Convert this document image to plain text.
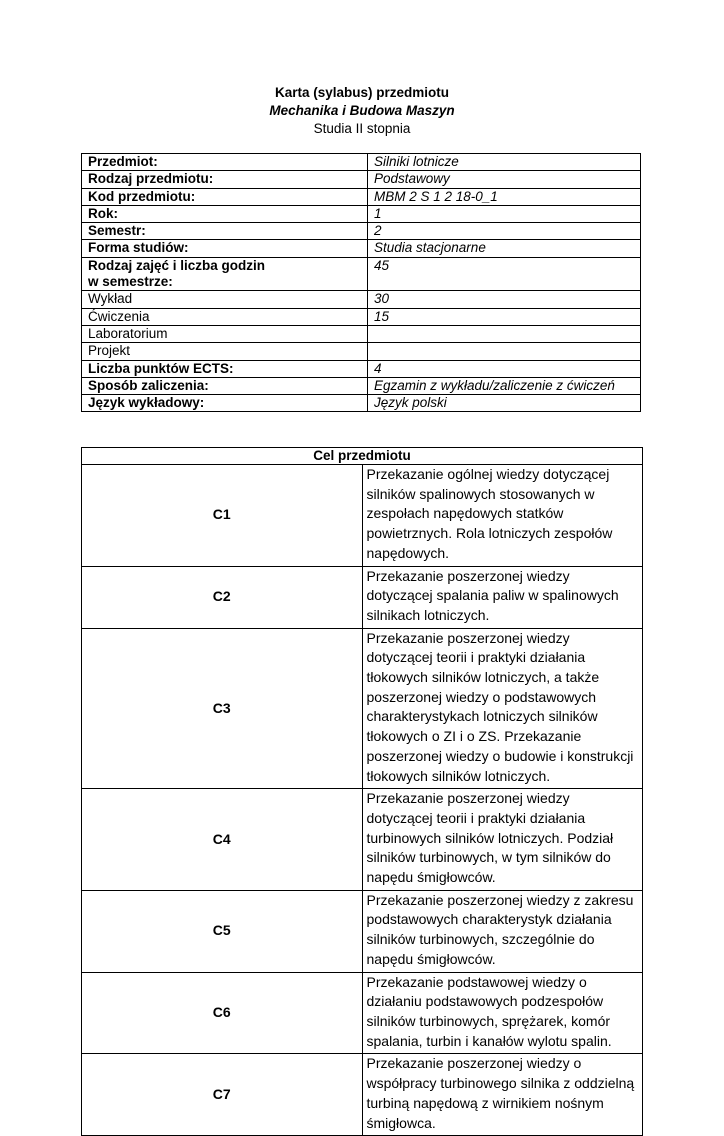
Karta (sylabus) przedmiotu
Mechanika i Budowa Maszyn
Studia II stopnia
Przedmiot:	Silniki lotnicze
Rodzaj przedmiotu:	Podstawowy
Kod przedmiotu:	MBM 2 S 1 2 18-0_1
Rok:	1
Semestr:	2
Forma studiów:	Studia stacjonarne
Rodzaj zajęć i liczba godzin
w semestrze:	45
Wykład	30
Ćwiczenia	15
Laboratorium	
Projekt	
Liczba punktów ECTS:	4
Sposób zaliczenia:	Egzamin z wykładu/zaliczenie z ćwiczeń
Język wykładowy:	Język polski
Cel przedmiotu	
C1	Przekazanie ogólnej wiedzy dotyczącej silników spalinowych stosowanych w zespołach napędowych statków powietrznych. Rola lotniczych zespołów napędowych.
C2	Przekazanie poszerzonej wiedzy dotyczącej spalania paliw w spalinowych silnikach lotniczych.
C3	Przekazanie poszerzonej wiedzy dotyczącej teorii i praktyki działania tłokowych silników lotniczych, a także poszerzonej wiedzy o podstawowych charakterystykach lotniczych silników tłokowych o ZI i o ZS. Przekazanie poszerzonej wiedzy o budowie i konstrukcji tłokowych silników lotniczych.
C4	Przekazanie poszerzonej wiedzy dotyczącej teorii i praktyki działania turbinowych silników lotniczych. Podział silników turbinowych, w tym silników do napędu śmigłowców.
C5	Przekazanie poszerzonej wiedzy z zakresu podstawowych charakterystyk działania silników turbinowych, szczególnie do napędu śmigłowców.
C6	Przekazanie podstawowej wiedzy o działaniu podstawowych podzespołów silników turbinowych, sprężarek, komór spalania, turbin i kanałów wylotu spalin.
C7	Przekazanie poszerzonej wiedzy o współpracy turbinowego silnika z oddzielną turbiną napędową z wirnikiem nośnym śmigłowca.
